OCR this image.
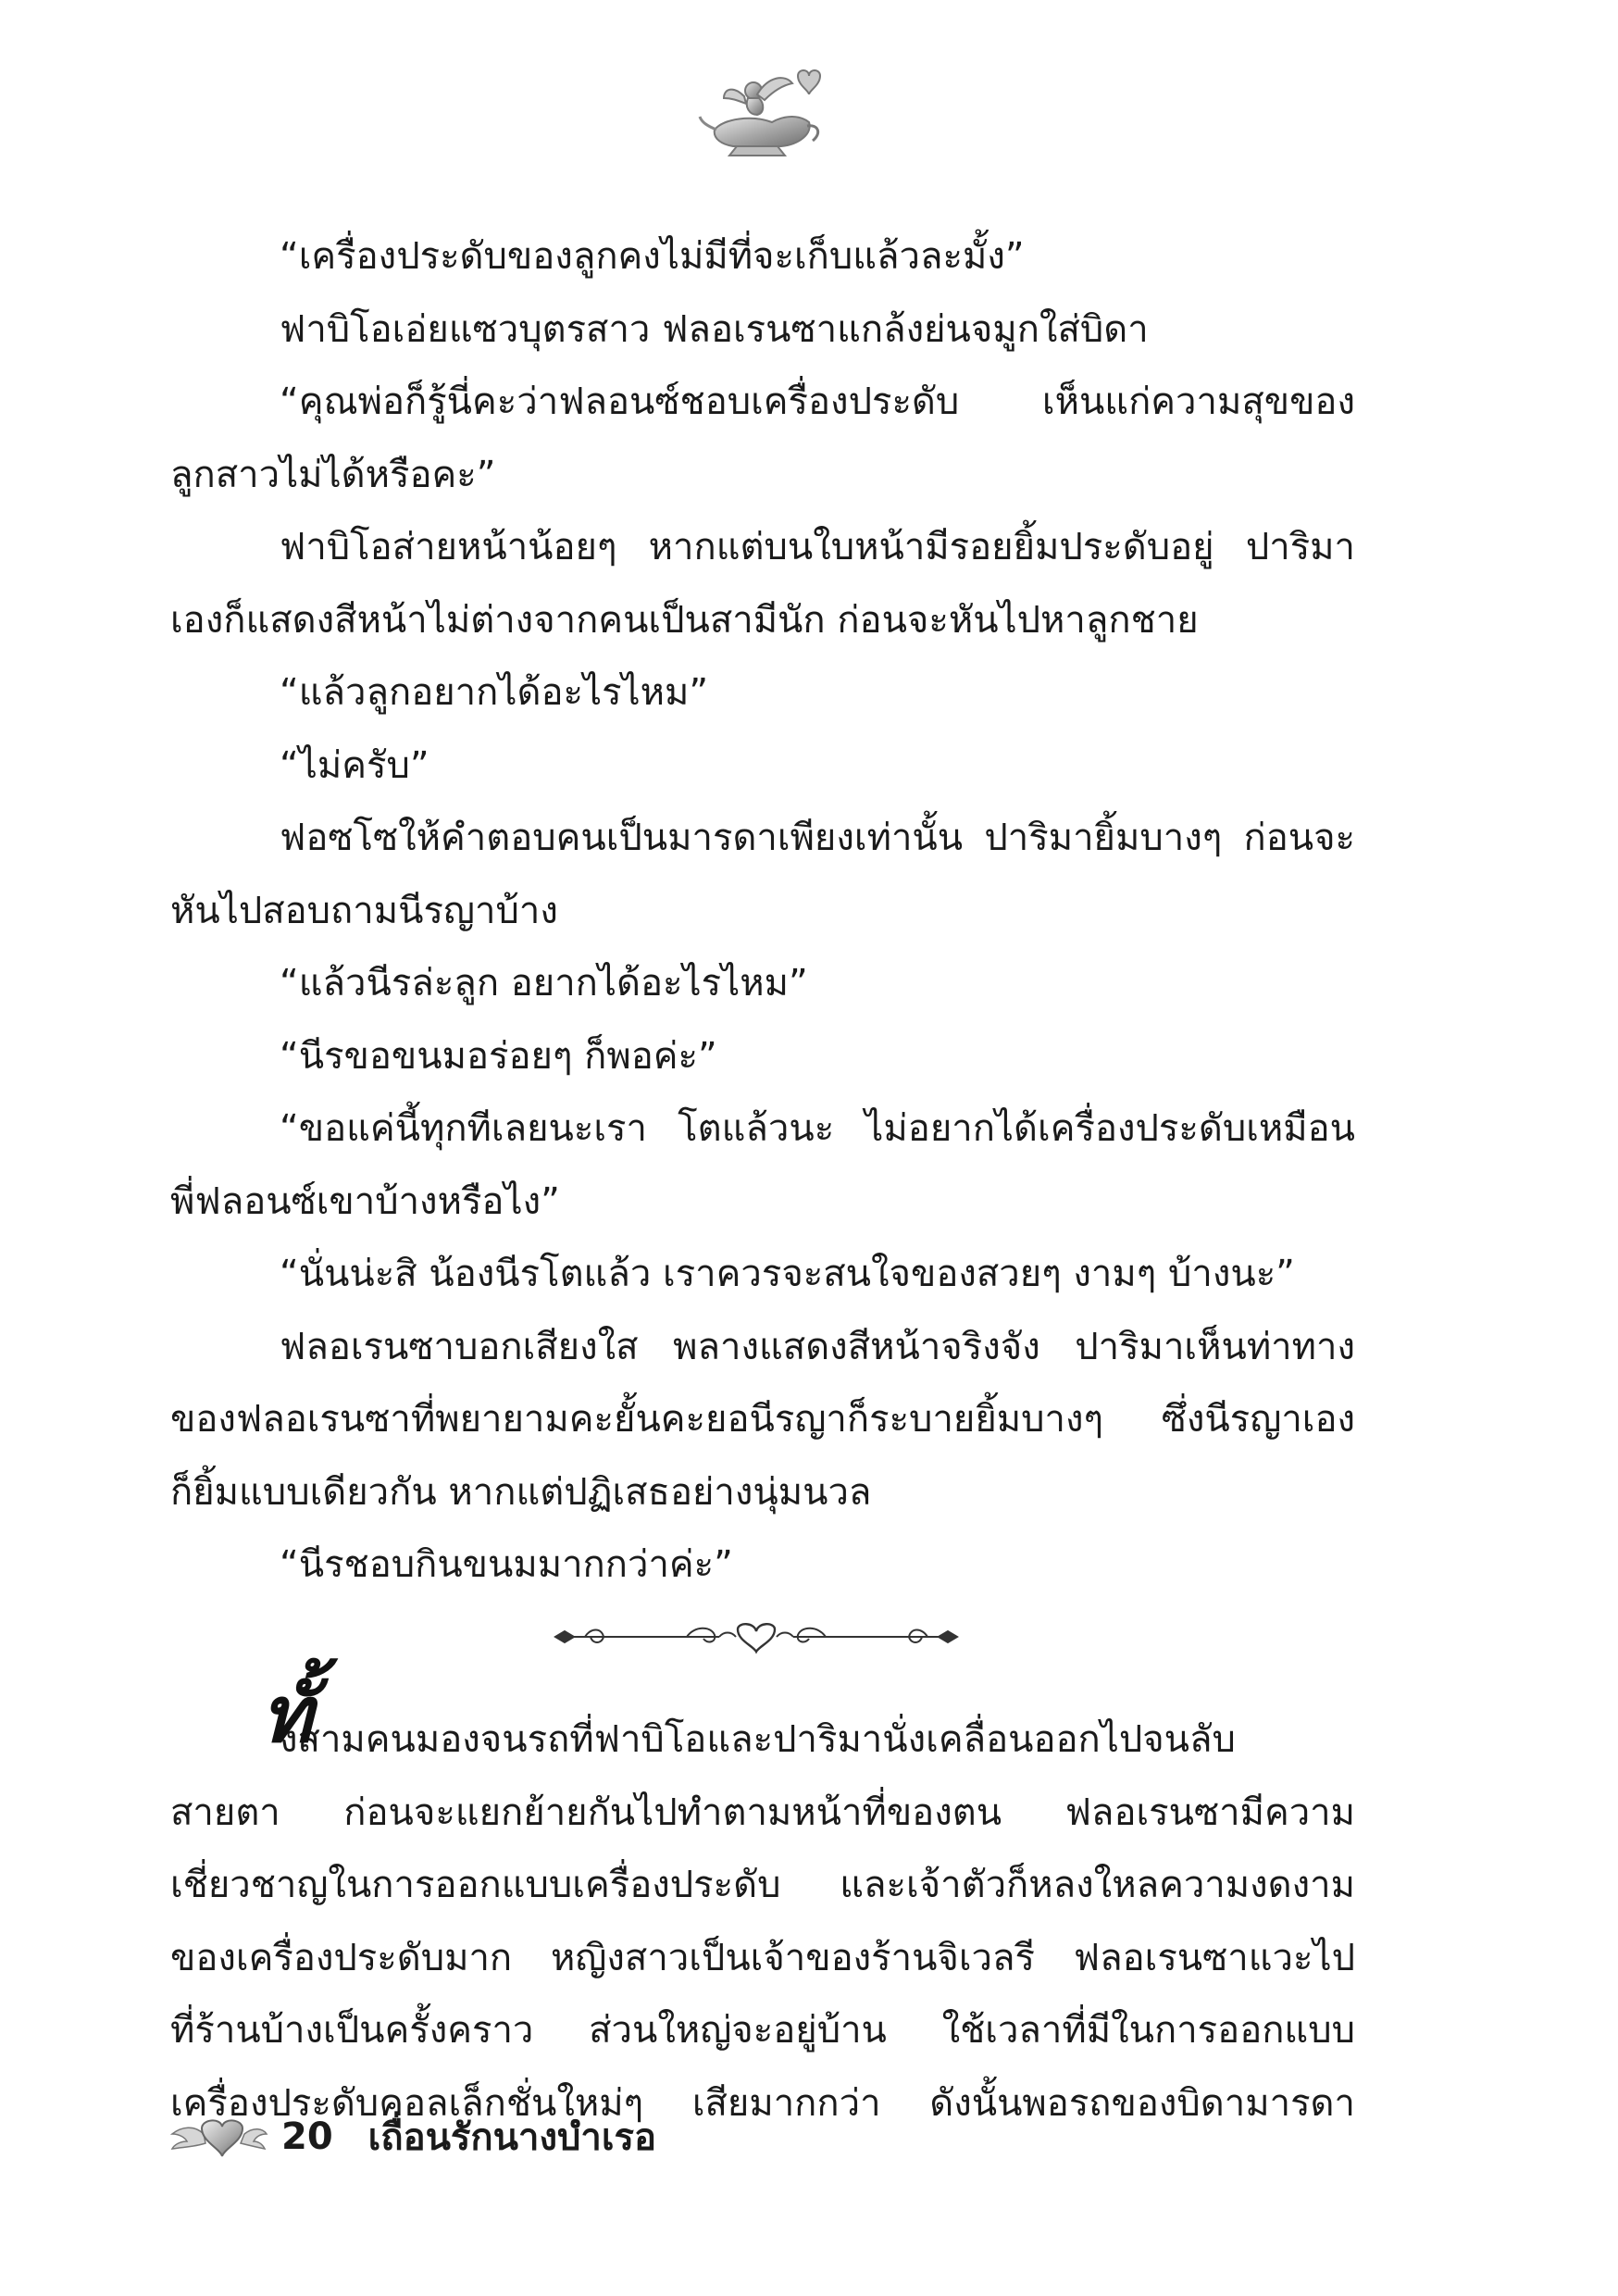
“เครื่องประดับของลูกคงไม่มีที่จะเก็บแล้วละมั้ง”
ฟาบิโอเอ่ยแซวบุตรสาว ฟลอเรนซาแกล้งย่นจมูกใส่บิดา
“คุณพ่อก็รู้นี่คะว่าฟลอนซ์ชอบเครื่องประดับ เห็นแก่ความสุขของ
ลูกสาวไม่ได้หรือคะ”
ฟาบิโอส่ายหน้าน้อยๆ หากแต่บนใบหน้ามีรอยยิ้มประดับอยู่ ปาริมา
เองก็แสดงสีหน้าไม่ต่างจากคนเป็นสามีนัก ก่อนจะหันไปหาลูกชาย
“แล้วลูกอยากได้อะไรไหม”
“ไม่ครับ”
ฟอซโซให้คำตอบคนเป็นมารดาเพียงเท่านั้น ปาริมายิ้มบางๆ ก่อนจะ
หันไปสอบถามนีรญาบ้าง
“แล้วนีรล่ะลูก อยากได้อะไรไหม”
“นีรขอขนมอร่อยๆ ก็พอค่ะ”
“ขอแค่นี้ทุกทีเลยนะเรา โตแล้วนะ ไม่อยากได้เครื่องประดับเหมือน
พี่ฟลอนซ์เขาบ้างหรือไง”
“นั่นน่ะสิ น้องนีรโตแล้ว เราควรจะสนใจของสวยๆ งามๆ บ้างนะ”
ฟลอเรนซาบอกเสียงใส พลางแสดงสีหน้าจริงจัง ปาริมาเห็นท่าทาง
ของฟลอเรนซาที่พยายามคะยั้นคะยอนีรญาก็ระบายยิ้มบางๆ ซึ่งนีรญาเอง
ก็ยิ้มแบบเดียวกัน หากแต่ปฏิเสธอย่างนุ่มนวล
“นีรชอบกินขนมมากกว่าค่ะ”
ทั้
งสามคนมองจนรถที่ฟาบิโอและปาริมานั่งเคลื่อนออกไปจนลับ
สายตา ก่อนจะแยกย้ายกันไปทำตามหน้าที่ของตน ฟลอเรนซามีความ
เชี่ยวชาญในการออกแบบเครื่องประดับ และเจ้าตัวก็หลงใหลความงดงาม
ของเครื่องประดับมาก หญิงสาวเป็นเจ้าของร้านจิเวลรี ฟลอเรนซาแวะไป
ที่ร้านบ้างเป็นครั้งคราว ส่วนใหญ่จะอยู่บ้าน ใช้เวลาที่มีในการออกแบบ
เครื่องประดับคอลเล็กชั่นใหม่ๆ เสียมากกว่า ดังนั้นพอรถของบิดามารดา
20 เถื่อนรักนางบำเรอ
